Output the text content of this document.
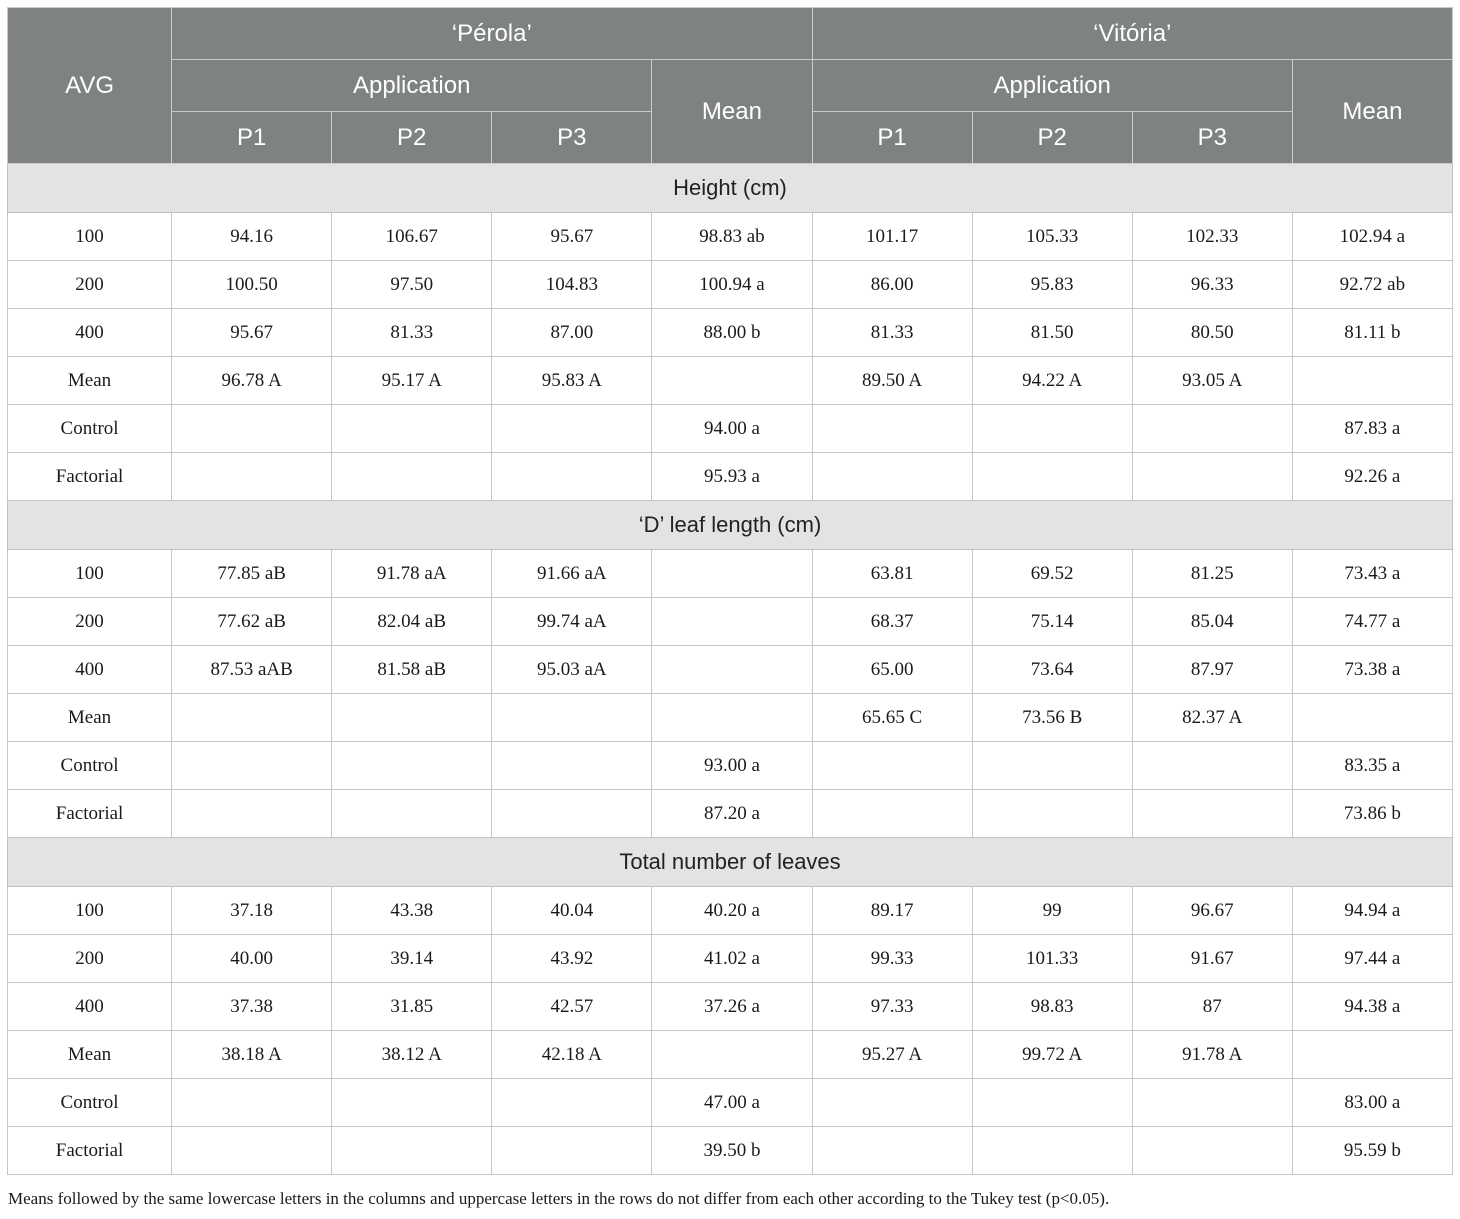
AVG	‘Pérola’				‘Vitória’			
	Application			Mean	Application			Mean
	P1	P2	P3		P1	P2	P3	
Height (cm)								
100	94.16	106.67	95.67	98.83 ab	101.17	105.33	102.33	102.94 a
200	100.50	97.50	104.83	100.94 a	86.00	95.83	96.33	92.72 ab
400	95.67	81.33	87.00	88.00 b	81.33	81.50	80.50	81.11 b
Mean	96.78 A	95.17 A	95.83 A		89.50 A	94.22 A	93.05 A	
Control				94.00 a				87.83 a
Factorial				95.93 a				92.26 a
‘D’ leaf length (cm)								
100	77.85 aB	91.78 aA	91.66 aA		63.81	69.52	81.25	73.43 a
200	77.62 aB	82.04 aB	99.74 aA		68.37	75.14	85.04	74.77 a
400	87.53 aAB	81.58 aB	95.03 aA		65.00	73.64	87.97	73.38 a
Mean					65.65 C	73.56 B	82.37 A	
Control				93.00 a				83.35 a
Factorial				87.20 a				73.86 b
Total number of leaves								
100	37.18	43.38	40.04	40.20 a	89.17	99	96.67	94.94 a
200	40.00	39.14	43.92	41.02 a	99.33	101.33	91.67	97.44 a
400	37.38	31.85	42.57	37.26 a	97.33	98.83	87	94.38 a
Mean	38.18 A	38.12 A	42.18 A		95.27 A	99.72 A	91.78 A	
Control				47.00 a				83.00 a
Factorial				39.50 b				95.59 b
Means followed by the same lowercase letters in the columns and uppercase letters in the rows do not differ from each other according to the Tukey test (p<0.05).
